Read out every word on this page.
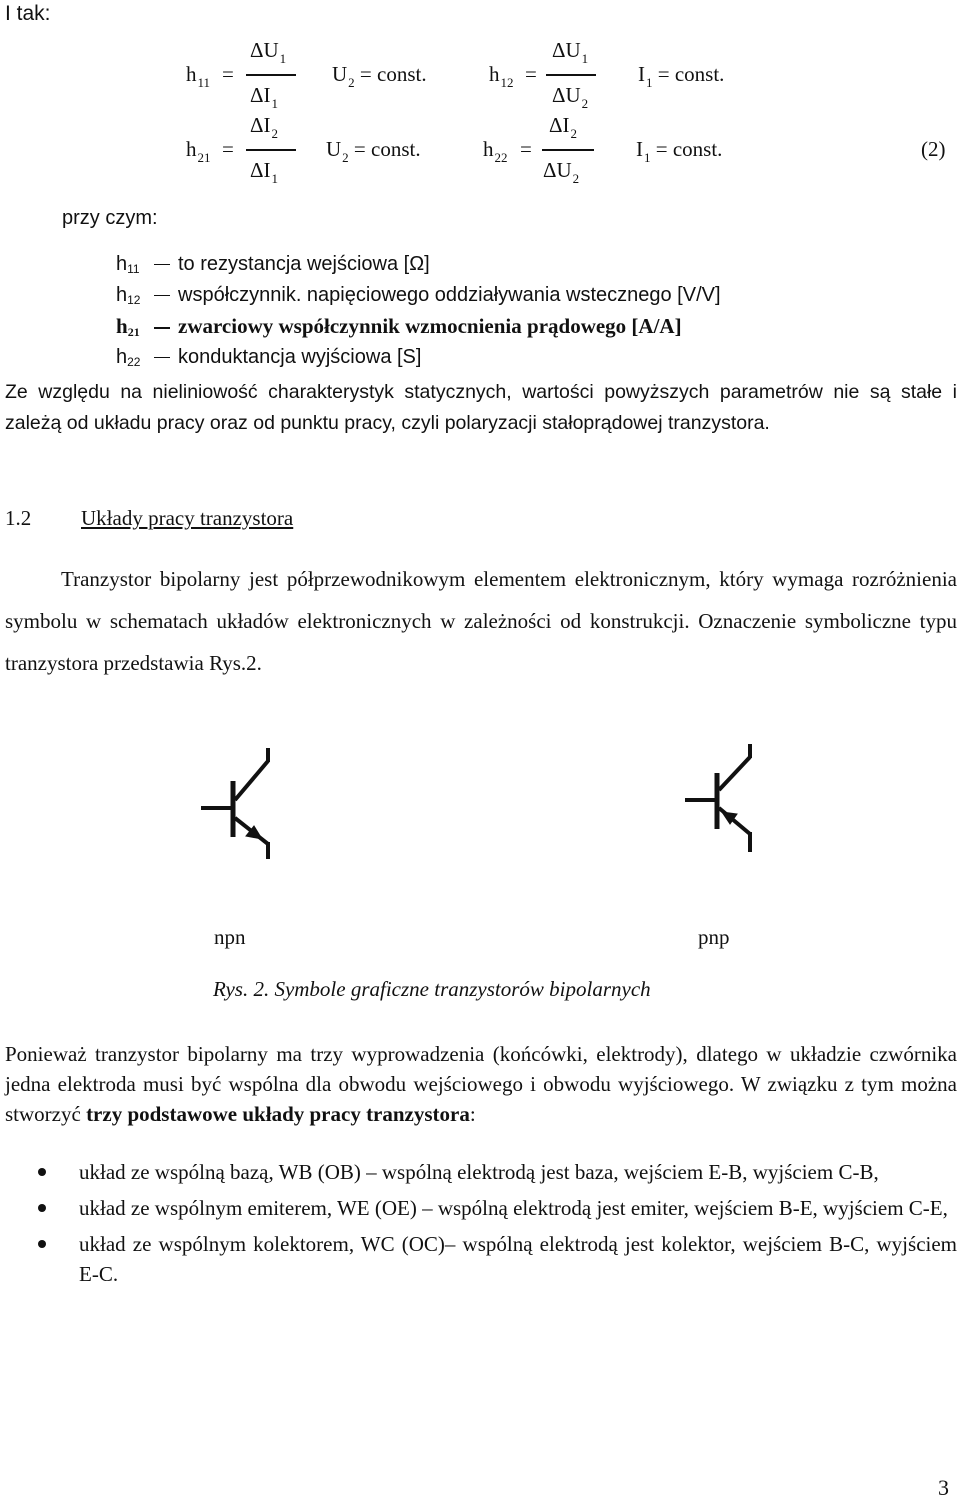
I tak:
$h_{11}$ =
$\Delta U_1$
$\Delta I_1$
$U_2$ = const.	$h_{12}$ =
$\Delta U_1$
$\Delta U_2$
$I_1$ = const.
$h_{21}$ =
$\Delta I_2$
$\Delta I_1$
$U_2$ = const.	$h_{22}$ =
$\Delta I_2$
$\Delta U_2$
$I_1$ = const.	(2)
przy czym:
$h_{11}$ to rezystancja wejściowa [Ω]
$h_{12}$ współczynnik. napięciowego oddziaływania wstecznego [V/V]
$h_{21}$ zwarciowy współczynnik wzmocnienia prądowego [A/A]
$h_{22}$ konduktancja wyjściowa [S]
Ze względu na nieliniowość charakterystyk statycznych, wartości powyższych parametrów nie są stałe i zależą od układu pracy oraz od punktu pracy, czyli polaryzacji stałoprądowej tranzystora.
1.2 Układy pracy tranzystora
Tranzystor bipolarny jest półprzewodnikowym elementem elektronicznym, który wymaga rozróżnienia symbolu w schematach układów elektronicznych w zależności od konstrukcji. Oznaczenie symboliczne typu tranzystora przedstawia Rys.2.
npn	pnp
Rys. 2. Symbole graficzne tranzystorów bipolarnych
Ponieważ tranzystor bipolarny ma trzy wyprowadzenia (końcówki, elektrody), dlatego w układzie czwórnika jedna elektroda musi być wspólna dla obwodu wejściowego i obwodu wyjściowego. W związku z tym można stworzyć trzy podstawowe układy pracy tranzystora:
układ ze wspólną bazą, WB (OB) – wspólną elektrodą jest baza, wejściem E-B, wyjściem C-B,
układ ze wspólnym emiterem, WE (OE) – wspólną elektrodą jest emiter, wejściem B-E, wyjściem C-E,
układ ze wspólnym kolektorem, WC (OC)– wspólną elektrodą jest kolektor, wejściem B-C, wyjściem E-C.
3
